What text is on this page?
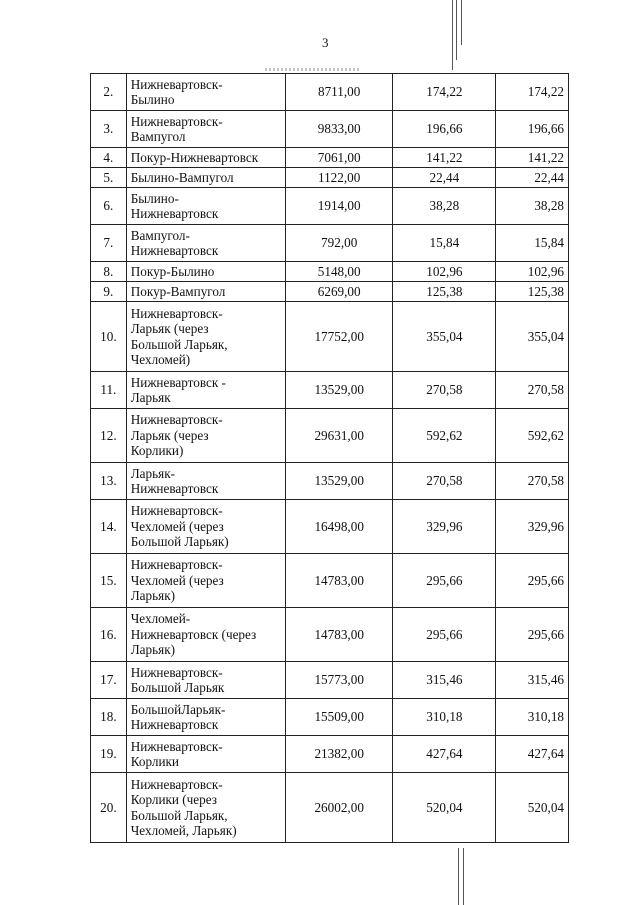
3
2.	Нижневартовск-
Былино	8711,00	174,22	174,22
3.	Нижневартовск-
Вампугол	9833,00	196,66	196,66
4.	Покур-Нижневартовск	7061,00	141,22	141,22
5.	Былино-Вампугол	1122,00	22,44	22,44
6.	Былино-
Нижневартовск	1914,00	38,28	38,28
7.	Вампугол-
Нижневартовск	792,00	15,84	15,84
8.	Покур-Былино	5148,00	102,96	102,96
9.	Покур-Вампугол	6269,00	125,38	125,38
10.	Нижневартовск-
Ларьяк (через
Большой Ларьяк,
Чехломей)	17752,00	355,04	355,04
11.	Нижневартовск -
Ларьяк	13529,00	270,58	270,58
12.	Нижневартовск-
Ларьяк (через
Корлики)	29631,00	592,62	592,62
13.	Ларьяк-
Нижневартовск	13529,00	270,58	270,58
14.	Нижневартовск-
Чехломей (через
Большой Ларьяк)	16498,00	329,96	329,96
15.	Нижневартовск-
Чехломей (через
Ларьяк)	14783,00	295,66	295,66
16.	Чехломей-
Нижневартовск (через
Ларьяк)	14783,00	295,66	295,66
17.	Нижневартовск-
Большой Ларьяк	15773,00	315,46	315,46
18.	БольшойЛарьяк-
Нижневартовск	15509,00	310,18	310,18
19.	Нижневартовск-
Корлики	21382,00	427,64	427,64
20.	Нижневартовск-
Корлики (через
Большой Ларьяк,
Чехломей, Ларьяк)	26002,00	520,04	520,04
